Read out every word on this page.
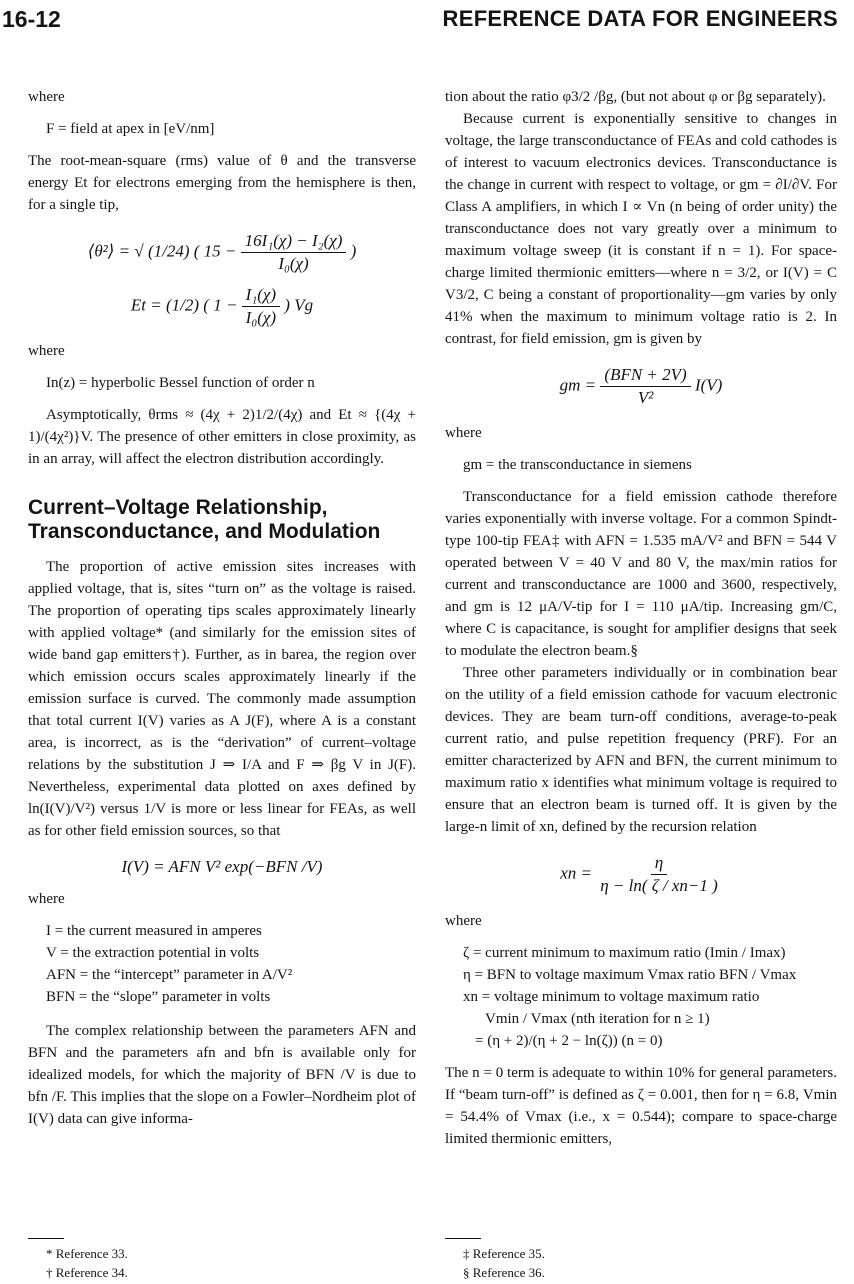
16-12	REFERENCE DATA FOR ENGINEERS

where

F = field at apex in [eV/nm]

The root-mean-square (rms) value of θ and the transverse energy Et for electrons emerging from the hemisphere is then, for a single tip,

⟨θ²⟩ = √ (1/24) ( $15 - \frac{\text{16I₁(χ) − I₂(χ)}}{\text{I₀(χ)}}$ )
Et = (1/2) ( $1 - \frac{\text{I₁(χ)}}{\text{I₀(χ)}}$ ) Vg

where

In(z) = hyperbolic Bessel function of order n

Asymptotically, θrms ≈ (4χ + 2)1/2/(4χ) and Et ≈ {(4χ + 1)/(4χ²)}V. The presence of other emitters in close proximity, as in an array, will affect the electron distribution accordingly.

Current–Voltage Relationship, Transconductance, and Modulation

The proportion of active emission sites increases with applied voltage, that is, sites “turn on” as the voltage is raised. The proportion of operating tips scales approximately linearly with applied voltage* (and similarly for the emission sites of wide band gap emitters†). Further, as in barea, the region over which emission occurs scales approximately linearly if the emission surface is curved. The commonly made assumption that total current I(V) varies as A J(F), where A is a constant area, is incorrect, as is the “derivation” of current–voltage relations by the substitution J ⇒ I/A and F ⇒ βg V in J(F). Nevertheless, experimental data plotted on axes defined by ln(I(V)/V²) versus 1/V is more or less linear for FEAs, as well as for other field emission sources, so that

I(V) = AFN V² exp(−BFN /V)

where

I = the current measured in amperes
V = the extraction potential in volts
AFN = the “intercept” parameter in A/V²
BFN = the “slope” parameter in volts

The complex relationship between the parameters AFN and BFN and the parameters afn and bfn is available only for idealized models, for which the majority of BFN /V is due to bfn /F. This implies that the slope on a Fowler–Nordheim plot of I(V) data can give informa-

* Reference 33.
† Reference 34.

tion about the ratio φ3/2 /βg, (but not about φ or βg separately).

Because current is exponentially sensitive to changes in voltage, the large transconductance of FEAs and cold cathodes is of interest to vacuum electronics devices. Transconductance is the change in current with respect to voltage, or gm = ∂I/∂V. For Class A amplifiers, in which I ∝ Vn (n being of order unity) the transconductance does not vary greatly over a minimum to maximum voltage sweep (it is constant if n = 1). For space-charge limited thermionic emitters—where n = 3/2, or I(V) = C V3/2, C being a constant of proportionality—gm varies by only 41% when the maximum to minimum voltage ratio is 2. In contrast, for field emission, gm is given by

gm = $\frac{\text{(BFN + 2V)}}{\text{V²}} I(V)$

where

gm = the transconductance in siemens

Transconductance for a field emission cathode therefore varies exponentially with inverse voltage. For a common Spindt-type 100-tip FEA‡ with AFN = 1.535 mA/V² and BFN = 544 V operated between V = 40 V and 80 V, the max/min ratios for current and transconductance are 1000 and 3600, respectively, and gm is 12 μA/V-tip for I = 110 μA/tip. Increasing gm/C, where C is capacitance, is sought for amplifier designs that seek to modulate the electron beam.§

Three other parameters individually or in combination bear on the utility of a field emission cathode for vacuum electronic devices. They are beam turn-off conditions, average-to-peak current ratio, and pulse repetition frequency (PRF). For an emitter characterized by AFN and BFN, the current minimum to maximum ratio x identifies what minimum voltage is required to ensure that an electron beam is turned off. It is given by the large-n limit of xn, defined by the recursion relation

xn = $\frac{\eta}{\eta - \ln( \zeta / xn-1 )}$

where

ζ = current minimum to maximum ratio (Imin / Imax)
η = BFN to voltage maximum Vmax ratio BFN / Vmax
xn = voltage minimum to voltage maximum ratio
Vmin / Vmax (nth iteration for n ≥ 1)
= (η + 2)/(η + 2 − ln(ζ)) (n = 0)

The n = 0 term is adequate to within 10% for general parameters. If “beam turn-off” is defined as ζ = 0.001, then for η = 6.8, Vmin = 54.4% of Vmax (i.e., x = 0.544); compare to space-charge limited thermionic emitters,

‡ Reference 35.
§ Reference 36.
